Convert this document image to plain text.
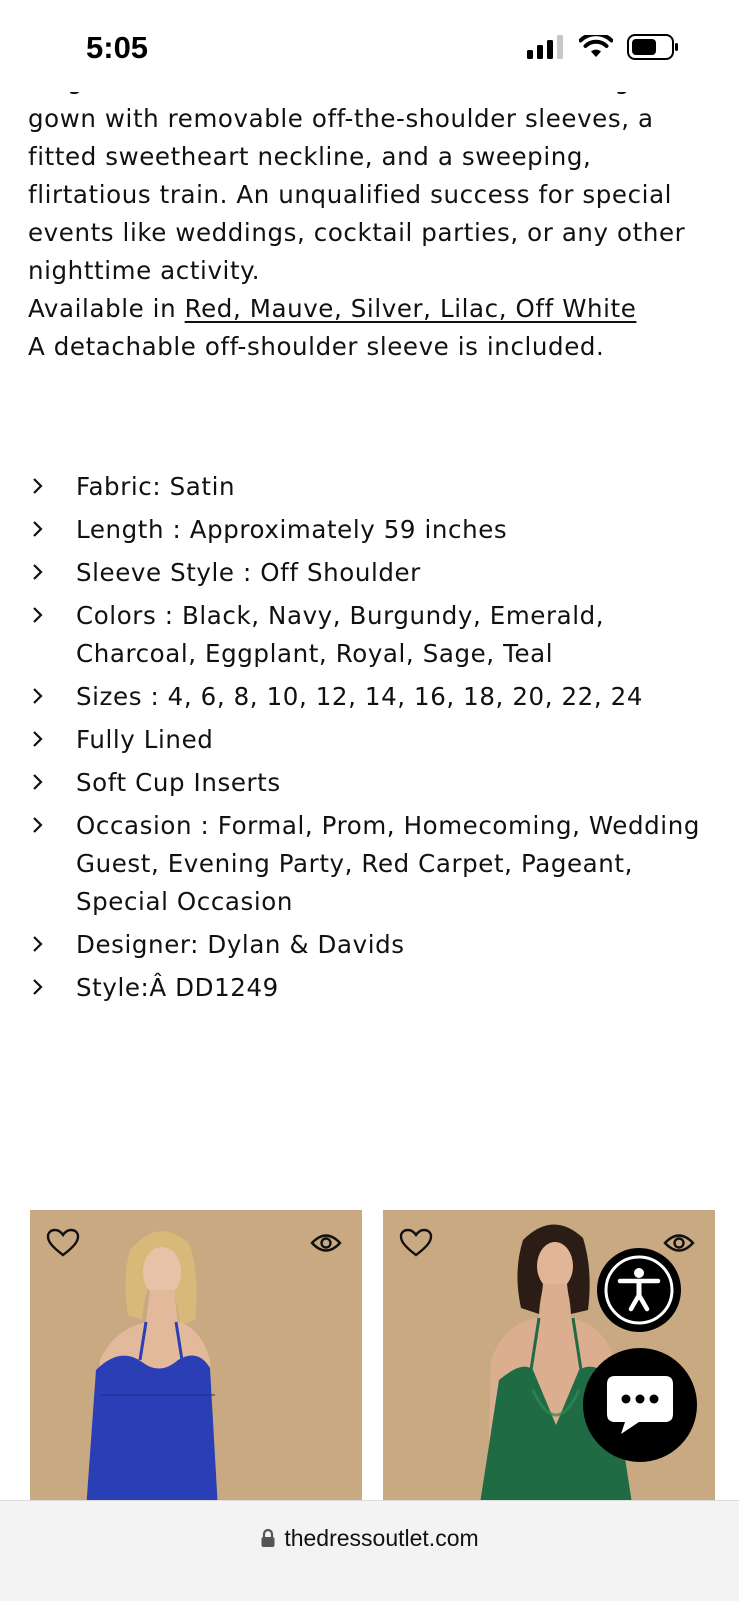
5:05

gown with removable off-the-shoulder sleeves, a fitted sweetheart neckline, and a sweeping, flirtatious train. An unqualified success for special events like weddings, cocktail parties, or any other nighttime activity.

Available in Red, Mauve, Silver, Lilac, Off White

A detachable off-shoulder sleeve is included.

Fabric: Satin
Length : Approximately 59 inches
Sleeve Style : Off Shoulder
Colors : Black, Navy, Burgundy, Emerald, Charcoal, Eggplant, Royal, Sage, Teal
Sizes : 4, 6, 8, 10, 12, 14, 16, 18, 20, 22, 24
Fully Lined
Soft Cup Inserts
Occasion : Formal, Prom, Homecoming, Wedding Guest, Evening Party, Red Carpet, Pageant, Special Occasion
Designer: Dylan & Davids
Style:Â DD1249
thedressoutlet.com
